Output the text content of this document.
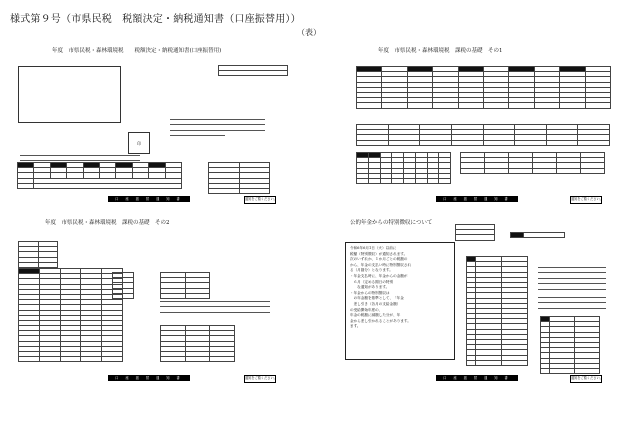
様式第９号（市県民税　税額決定・納税通知書（口座振替用））
（表）
年度　市県民税・森林環境税　　税額決定・納税通知書(口座振替用)

印

口 座 振 替 通 知 書	通知をご覧ください。
年度　市県民税・森林環境税　課税の基礎　その1

口 座 振 替 通 知 書	通知をご覧ください。
年度　市県民税・森林環境税　課税の基礎　その2

口 座 振 替 通 知 書	通知をご覧ください。
公的年金からの特別徴収について

令和6年6月1日（火）以前に
税額（特別徴収）が通知されます。
次のいずれか、１か月ごとの税額の
から、年金の支払い時に特別徴収され
る（月割分）となります。
・年金支払時に、年金からの金額が
　６月（定める期日の特別
　　な通知があります。
・年金からの特別徴収は
　の年金額を基準として、「年金
　差し引き（各月の支給金額）
の受給開始年度の、
年金の税額に減額した分が、年
金から差し引かれることがあります。
ます。

口 座 振 替 通 知 書	通知をご覧ください。
